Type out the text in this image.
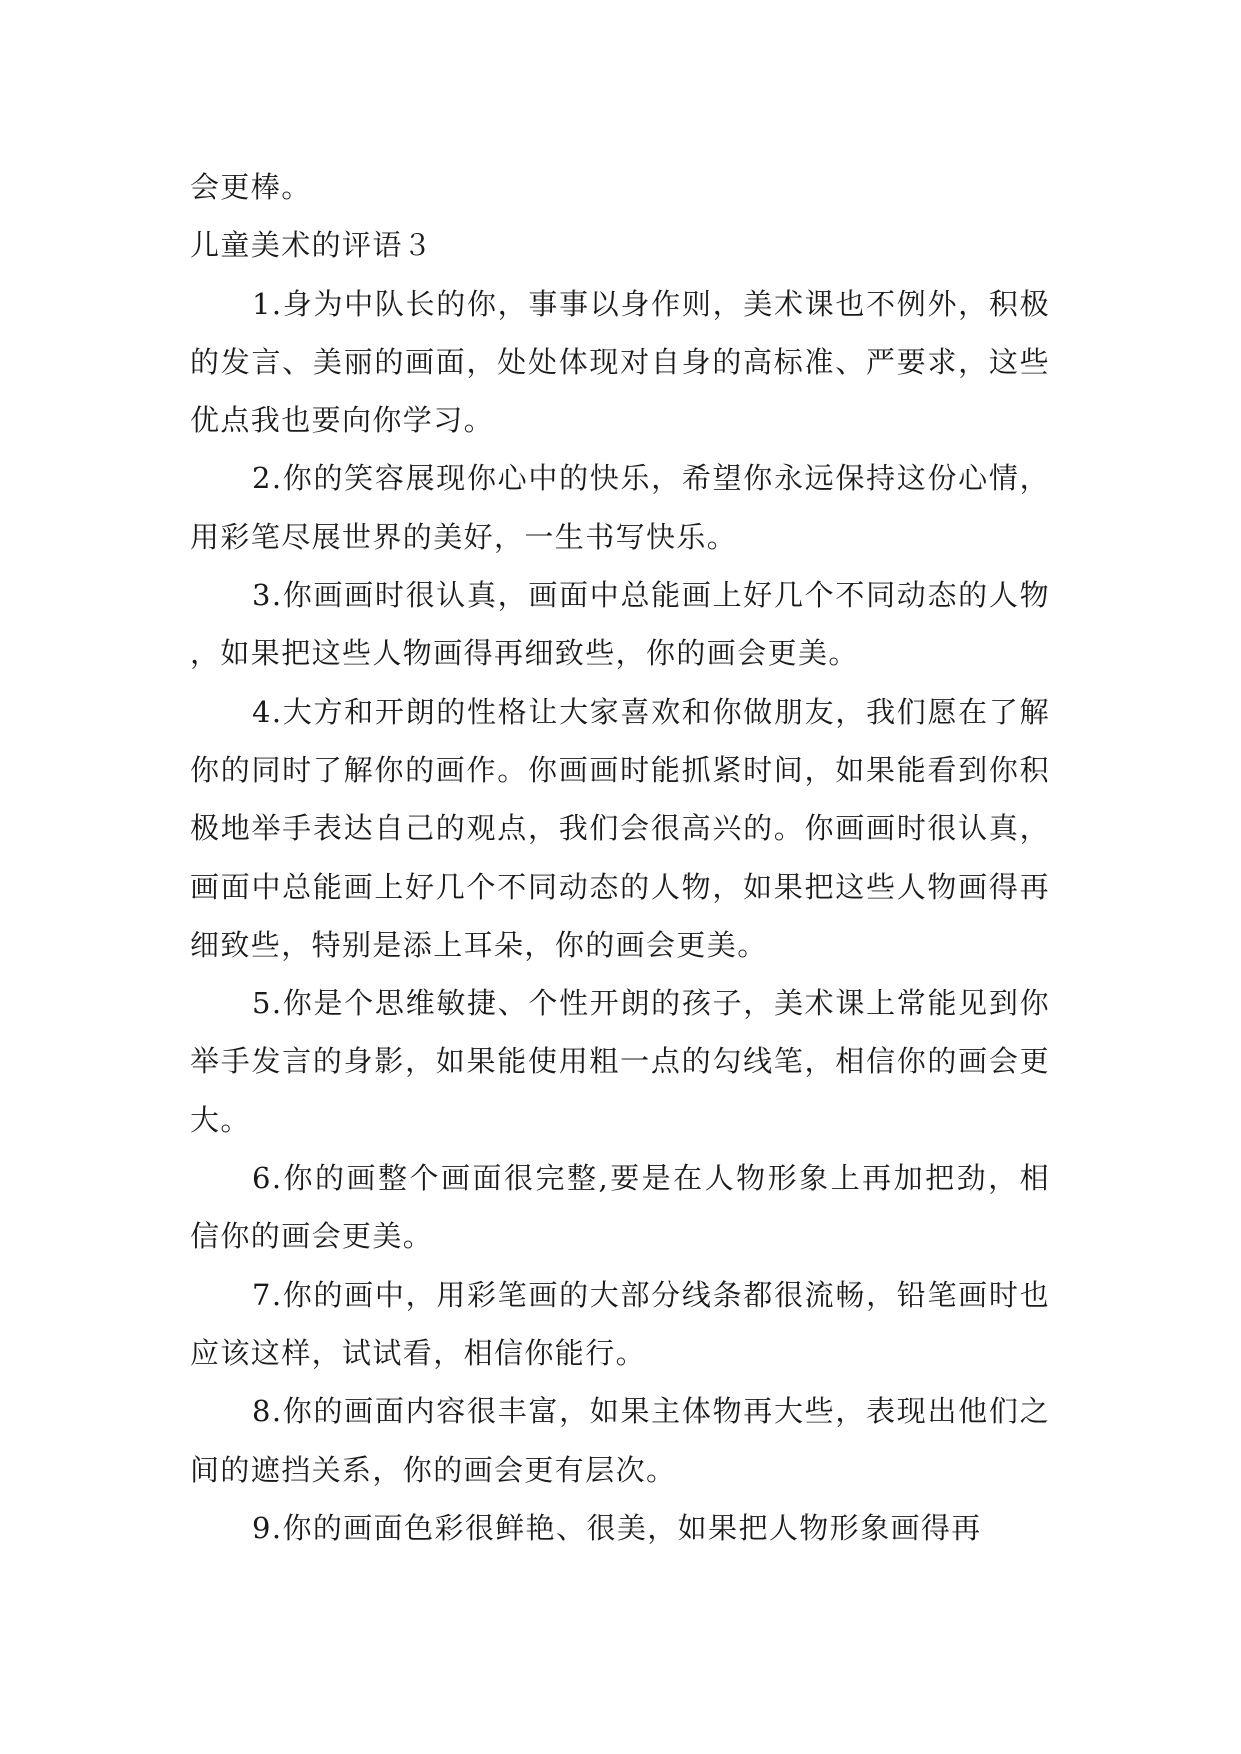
会更棒。

儿童美术的评语３

1.身为中队长的你，事事以身作则，美术课也不例外，积极的发言、美丽的画面，处处体现对自身的高标准、严要求，这些优点我也要向你学习。

2.你的笑容展现你心中的快乐，希望你永远保持这份心情，用彩笔尽展世界的美好，一生书写快乐。

3.你画画时很认真，画面中总能画上好几个不同动态的人物，如果把这些人物画得再细致些，你的画会更美。

4.大方和开朗的性格让大家喜欢和你做朋友，我们愿在了解你的同时了解你的画作。你画画时能抓紧时间，如果能看到你积极地举手表达自己的观点，我们会很高兴的。你画画时很认真，画面中总能画上好几个不同动态的人物，如果把这些人物画得再细致些，特别是添上耳朵，你的画会更美。

5.你是个思维敏捷、个性开朗的孩子，美术课上常能见到你举手发言的身影，如果能使用粗一点的勾线笔，相信你的画会更大。

6.你的画整个画面很完整,要是在人物形象上再加把劲，相信你的画会更美。

7.你的画中，用彩笔画的大部分线条都很流畅，铅笔画时也应该这样，试试看，相信你能行。

8.你的画面内容很丰富，如果主体物再大些，表现出他们之间的遮挡关系，你的画会更有层次。

9.你的画面色彩很鲜艳、很美，如果把人物形象画得再
